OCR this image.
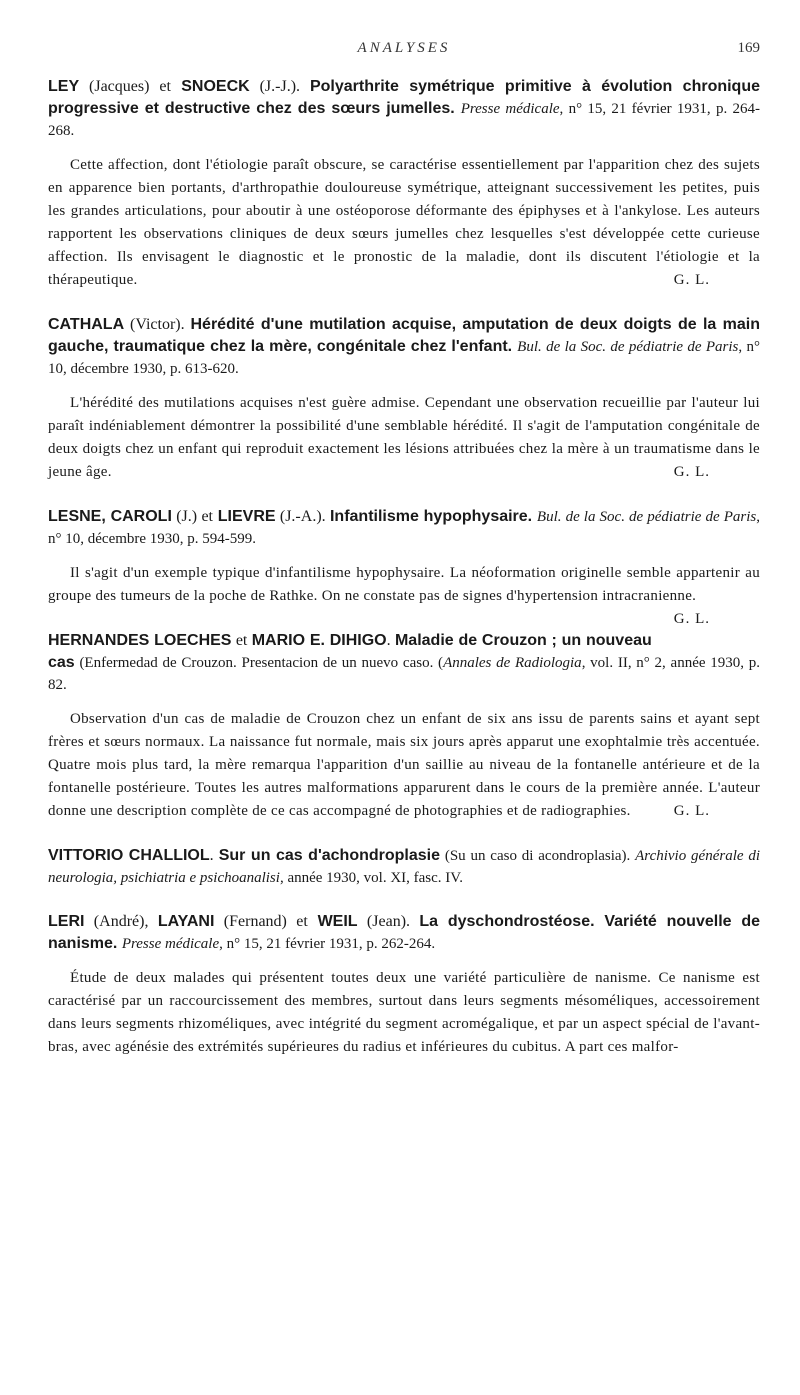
ANALYSES	169

LEY (Jacques) et SNOECK (J.-J.). Polyarthrite symétrique primitive à évolution chronique progressive et destructive chez des sœurs jumelles. Presse médicale, n° 15, 21 février 1931, p. 264-268.

Cette affection, dont l'étiologie paraît obscure, se caractérise essentiellement par l'apparition chez des sujets en apparence bien portants, d'arthropathie douloureuse symétrique, atteignant successivement les petites, puis les grandes articulations, pour aboutir à une ostéoporose déformante des épiphyses et à l'ankylose. Les auteurs rapportent les observations cliniques de deux sœurs jumelles chez lesquelles s'est développée cette curieuse affection. Ils envisagent le diagnostic et le pronostic de la maladie, dont ils discutent l'étiologie et la thérapeutique.	G. L.

CATHALA (Victor). Hérédité d'une mutilation acquise, amputation de deux doigts de la main gauche, traumatique chez la mère, congénitale chez l'enfant. Bul. de la Soc. de pédiatrie de Paris, n° 10, décembre 1930, p. 613-620.

L'hérédité des mutilations acquises n'est guère admise. Cependant une observation recueillie par l'auteur lui paraît indéniablement démontrer la possibilité d'une semblable hérédité. Il s'agit de l'amputation congénitale de deux doigts chez un enfant qui reproduit exactement les lésions attribuées chez la mère à un traumatisme dans le jeune âge.	G. L.

LESNE, CAROLI (J.) et LIEVRE (J.-A.). Infantilisme hypophysaire. Bul. de la Soc. de pédiatrie de Paris, n° 10, décembre 1930, p. 594-599.

Il s'agit d'un exemple typique d'infantilisme hypophysaire. La néoformation originelle semble appartenir au groupe des tumeurs de la poche de Rathke. On ne constate pas de signes d'hypertension intracranienne.
G. L.

HERNANDES LOECHES et MARIO E. DIHIGO. Maladie de Crouzon ; un nouveau cas (Enfermedad de Crouzon. Presentacion de un nuevo caso. (Annales de Radiologia, vol. II, n° 2, année 1930, p. 82.

Observation d'un cas de maladie de Crouzon chez un enfant de six ans issu de parents sains et ayant sept frères et sœurs normaux. La naissance fut normale, mais six jours après apparut une exophtalmie très accentuée. Quatre mois plus tard, la mère remarqua l'apparition d'un saillie au niveau de la fontanelle antérieure et de la fontanelle postérieure. Toutes les autres malformations apparurent dans le cours de la première année. L'auteur donne une description complète de ce cas accompagné de photographies et de radiographies.	G. L.

VITTORIO CHALLIOL. Sur un cas d'achondroplasie (Su un caso di acondroplasia). Archivio générale di neurologia, psichiatria e psichoanalisi, année 1930, vol. XI, fasc. IV.

LERI (André), LAYANI (Fernand) et WEIL (Jean). La dyschondrostéose. Variété nouvelle de nanisme. Presse médicale, n° 15, 21 février 1931, p. 262-264.

Étude de deux malades qui présentent toutes deux une variété particulière de nanisme. Ce nanisme est caractérisé par un raccourcissement des membres, surtout dans leurs segments mésoméliques, accessoirement dans leurs segments rhizoméliques, avec intégrité du segment acromégalique, et par un aspect spécial de l'avant-bras, avec agénésie des extrémités supérieures du radius et inférieures du cubitus. A part ces malfor-
